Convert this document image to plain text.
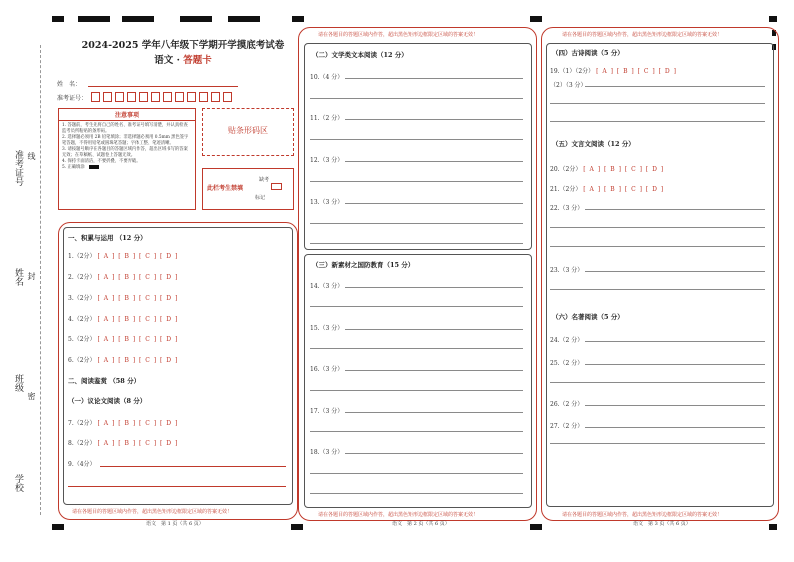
准考证号 线
姓名 封
班级
密
学校
2024-2025 学年八年级下学期开学摸底考试卷
语文 · 答题卡
姓　名：
准考证号：
注意事项
1. 答题前，考生先将自己的姓名、准考证号填写清楚，并认真检查监考员所粘贴的条形码。
2. 选择题必须用 2B 铅笔填涂；非选择题必须用 0.5mm 黑色签字笔答题，不得用铅笔或圆珠笔答题；字体工整、笔迹清晰。
3. 请按题号顺序在各题目的答题区域内作答，超出区域书写的答案无效；在草稿纸、试题卷上答题无效。
4. 保持卡面清洁，不要折叠、不要弄破。
5. 正确填涂
贴条形码区
此栏考生禁填
缺考
标记
请在各题目的答题区域内作答，超出黑色矩形边框限定区域的答案无效！
一、积累与运用 （12 分）
1.（2分） [ A ] [ B ] [ C ] [ D ]
2.（2分） [ A ] [ B ] [ C ] [ D ]
3.（2分） [ A ] [ B ] [ C ] [ D ]
4.（2分） [ A ] [ B ] [ C ] [ D ]
5.（2分） [ A ] [ B ] [ C ] [ D ]
6.（2分） [ A ] [ B ] [ C ] [ D ]
二、阅读鉴赏 （58 分）
（一）议论文阅读（8 分）
7.（2分） [ A ] [ B ] [ C ] [ D ]
8.（2分） [ A ] [ B ] [ C ] [ D ]
9.（4分）
语文　第 1 页（共 6 页）
请在各题目的答题区域内作答，超出黑色矩形边框限定区域的答案无效！
请在各题目的答题区域内作答，超出黑色矩形边框限定区域的答案无效！
（二）文学类文本阅读（12 分）
10.（4 分）
11.（2 分）
12.（3 分）
13.（3 分）
（三）新素材之国防教育（15 分）
14.（3 分）
15.（3 分）
16.（3 分）
17.（3 分）
18.（3 分）
语文　第 2 页（共 6 页）
请在各题目的答题区域内作答，超出黑色矩形边框限定区域的答案无效！
请在各题目的答题区域内作答，超出黑色矩形边框限定区域的答案无效！
（四）古诗阅读（5 分）
19.（1）（2分） [ A ] [ B ] [ C ] [ D ]
（2）（3 分）
（五）文言文阅读（12 分）
20.（2分） [ A ] [ B ] [ C ] [ D ]
21.（2分） [ A ] [ B ] [ C ] [ D ]
22.（3 分）
23.（3 分）
（六）名著阅读（5 分）
24.（2 分）
25.（2 分）
26.（2 分）
27.（2 分）
语文　第 3 页（共 6 页）
